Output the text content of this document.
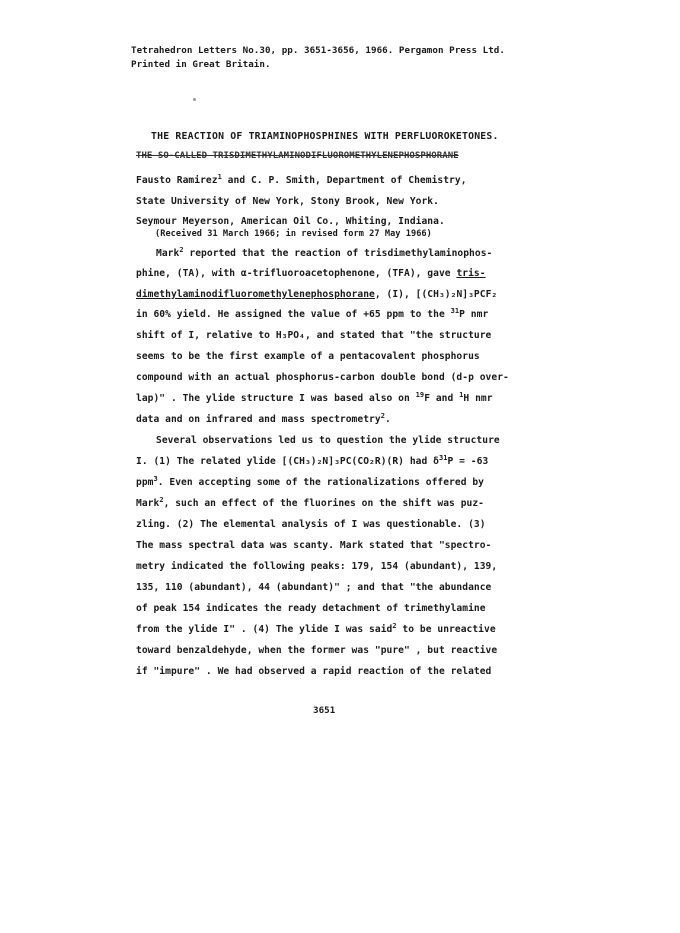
Tetrahedron Letters No.30, pp. 3651-3656, 1966. Pergamon Press Ltd.
Printed in Great Britain.
THE REACTION OF TRIAMINOPHOSPHINES WITH PERFLUOROKETONES.
THE SO-CALLED TRISDIMETHYLAMINODIFLUOROMETHYLENEPHOSPHORANE
Fausto Ramirez$^1$ and C. P. Smith, Department of Chemistry,
State University of New York, Stony Brook, New York.
Seymour Meyerson, American Oil Co., Whiting, Indiana.
(Received 31 March 1966; in revised form 27 May 1966)
Mark$^2$ reported that the reaction of trisdimethylaminophos-
phine, (TA), with α-trifluoroacetophenone, (TFA), gave tris-
dimethylaminodifluoromethylenephosphorane, (I), [(CH₃)₂N]₃PCF₂
in 60% yield. He assigned the value of +65 ppm to the $^{31}$P nmr
shift of I, relative to H₃PO₄, and stated that "the structure
seems to be the first example of a pentacovalent phosphorus
compound with an actual phosphorus-carbon double bond (d-p over-
lap)" . The ylide structure I was based also on $^{19}$F and $^1$H nmr
data and on infrared and mass spectrometry$^2$.
Several observations led us to question the ylide structure
I. (1) The related ylide [(CH₃)₂N]₃PC(CO₂R)(R) had $\delta^{31}P = -63$
ppm$^3$. Even accepting some of the rationalizations offered by
Mark$^2$, such an effect of the fluorines on the shift was puz-
zling. (2) The elemental analysis of I was questionable. (3)
The mass spectral data was scanty. Mark stated that "spectro-
metry indicated the following peaks: 179, 154 (abundant), 139,
135, 110 (abundant), 44 (abundant)" ; and that "the abundance
of peak 154 indicates the ready detachment of trimethylamine
from the ylide I" . (4) The ylide I was said$^2$ to be unreactive
toward benzaldehyde, when the former was "pure" , but reactive
if "impure" . We had observed a rapid reaction of the related
3651
